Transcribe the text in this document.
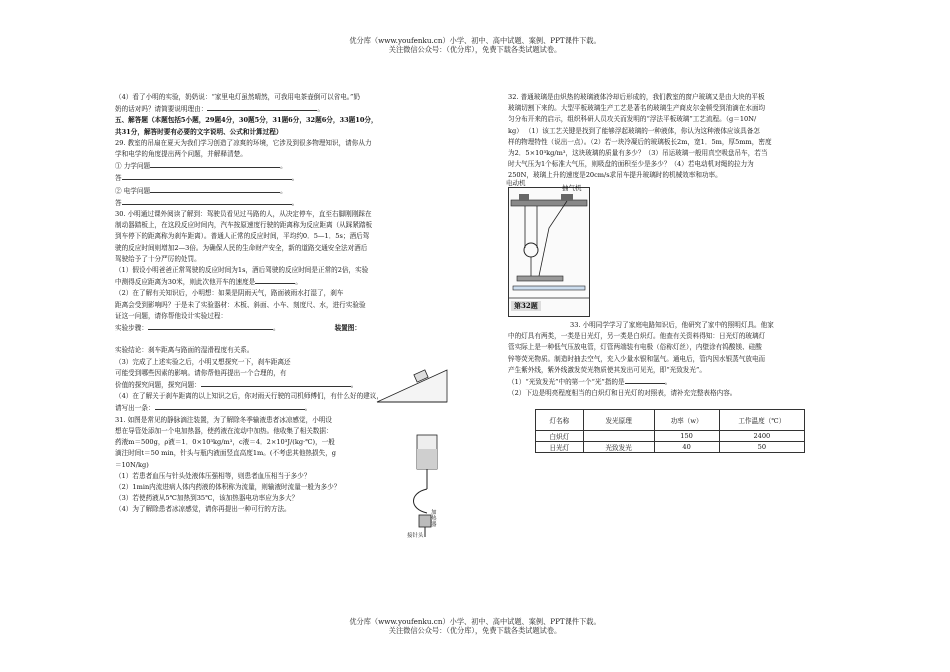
优分库（www.youfenku.cn）小学、初中、高中试题、案例、PPT课件下载。
关注微信公众号：（优分库），免费下载各类试题试卷。

（4）看了小明的实验，奶奶说：“家里电灯虽然晴然，可我用电茶壶倒可以省电。”奶

奶的话对吗？请简要说明理由：	。

五、解答题（本题包括5小题，29题4分，30题5分，31题6分，32题6分，33题10分，

共31分，解答时要有必要的文字说明、公式和计算过程）

29. 教室的吊扇在夏天为我们学习创造了凉爽的环境，它涉及到很多物理知识，请你从力

学和电学的角度提出两个问题，并解释清楚。

① 力学问题	。

答	。

② 电学问题	。

答	。

30. 小明通过课外阅读了解到：驾驶员看见过马路的人，从决定停车，直至右脚刚刚踩在

制动器踏板上，在这段反应时间内，汽车按原速度行驶的距离称为反应距离（从踩紧踏板

到车停下的距离称为刹车距离）。普通人正常的反应时间，平均约0．5—1．5s；酒后驾

驶的反应时间则增加2—3倍。为确保人民的生命财产安全，新的道路交通安全法对酒后

驾驶给予了十分严厉的处罚。

（1）假设小明爸爸正常驾驶的反应时间为1s，酒后驾驶的反应时间是正常的2倍，实验

中测得反应距离为30米，则此次他开车的速度是	。

（2）在了解有关知识后，小明想：如果是阴雨天气，路面被雨水打湿了，刹车

距离会受到影响吗？于是未了实验器材：木板、斜面、小车、刻度尺、水，进行实验验

证这一问题，请你帮他设计实验过程：

实验步骤：	。	装置图：

实验结论：刹车距离与路面的湿滑程度有关系。

（3）完成了上述实验之后，小明又想探究一下，刹车距离还

可能受到哪些因素的影响。请你帮他再提出一个合理的，有

价值的探究问题，探究问题：	。

（4）在了解关于刹车距离的以上知识之后，你对雨天行驶的司机师傅们，有什么好的建议，

请写出一条：	。

31. 如图是常见的静脉滴注装置，为了解除冬季输液患者冰凉感觉，小明设

想在导管处添加一个电加热器，使药液在流动中加热。他收集了相关数据：

药液m＝500g，ρ液＝1．0×10³kg/m³，c液＝4．2×10³J/(kg·℃)，一般

滴注时间t＝50 min，针头与瓶内液面竖直高度1m。(不考虑其他热损失，g

＝10N/kg)

（1）若患者血压与针头处液体压强相等，则患者血压相当于多少？

（2）1min内流进病人体内药液的体积称为流量，则输液时流量一般为多少？

（3）若使药液从5℃加热到35℃，该加热器电功率应为多大？

（4）为了解除患者冰凉感觉，请你再提出一种可行的方法。	加热器
接针头

32. 普通玻璃是由炽热的玻璃液体冷却后形成的，我们教室的窗户玻璃又是由大块的平板

玻璃切割下来的。大型平板玻璃生产工艺是著名的玻璃生产商皮尔金顿受到油滴在水面均

匀分布开来的启示，组织科研人员攻关而发明的“浮法平板玻璃”工艺流程。（g＝10N/

kg） （1）该工艺关键是找到了能够浮起玻璃的一种液体，你认为这种液体应该具备怎

样的物理特性（说出一点）。（2）若一块冷凝后的玻璃板长2m，宽1．5m，厚5mm，密度

为2．5×10³kg/m³，这块玻璃的质量有多少？（3）吊运玻璃一般用真空吸盘吊车，若当

时大气压为1个标准大气压，则吸盘的面积至少是多少？（4）若电动机对绳的拉力为

250N，玻璃上升的速度是20cm/s求吊车提升玻璃时的机械效率和功率。

第32题
电动机
抽气机

33. 小明同学学习了家庭电路知识后，他研究了家中的照明灯具。他家

中的灯具有两类，一类是日光灯，另一类是白炽灯。他查有关资料得知：日光灯的玻璃灯

管实际上是一种低气压放电管，灯管两端装有电极（俗称灯丝），内壁涂有钨酸镁、硅酸

锌等荧光物质。制造时抽去空气，充入少量水银和氩气。通电后，管内因水银蒸气放电而

产生紫外线，紫外线激发荧光物质使其发出可见光，即“光致发光”。

（1）“光致发光”中的第一个“光”指的是	。

（2）下边是明亮程度相当的白炽灯和日光灯的对照表，请补充完整表格内容。

灯名称	发光原理	功率（w）	工作温度（℃）
白炽灯		150	2400
日光灯	光致发光	40	50
优分库（www.youfenku.cn）小学、初中、高中试题、案例、PPT课件下载。
关注微信公众号：（优分库），免费下载各类试题试卷。
